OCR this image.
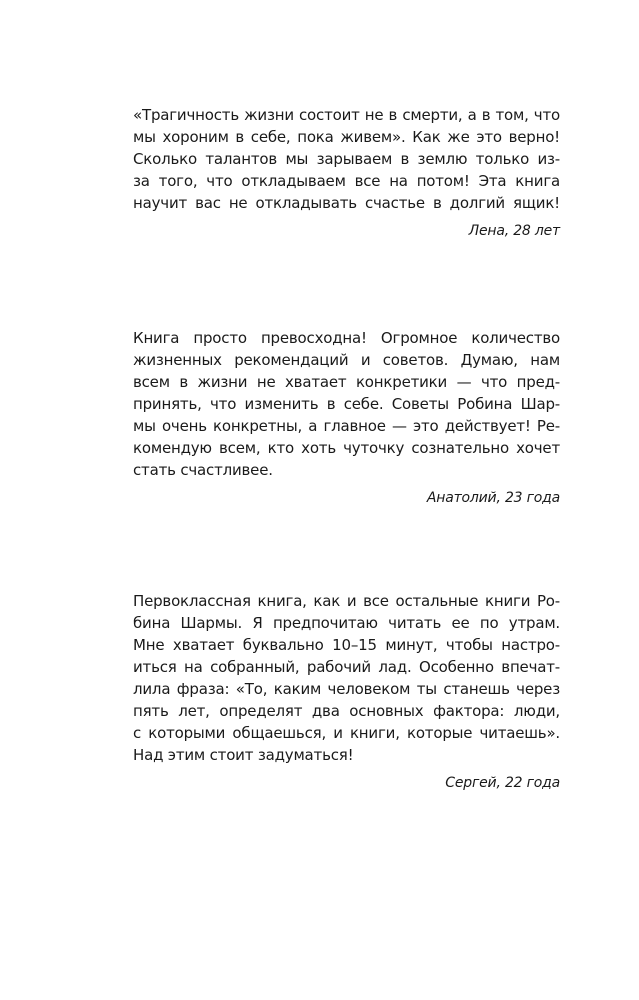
«Трагичность жизни состоит не в смерти, а в том, что
мы хороним в себе, пока живем». Как же это верно!
Сколько талантов мы зарываем в землю только из-
за того, что откладываем все на потом! Эта книга
научит вас не откладывать счастье в долгий ящик!

Лена, 28 лет

Книга просто превосходна! Огромное количество
жизненных рекомендаций и советов. Думаю, нам
всем в жизни не хватает конкретики — что пред-
принять, что изменить в себе. Советы Робина Шар-
мы очень конкретны, а главное — это действует! Ре-
комендую всем, кто хоть чуточку сознательно хочет
стать счастливее.

Анатолий, 23 года

Первоклассная книга, как и все остальные книги Ро-
бина Шармы. Я предпочитаю читать ее по утрам.
Мне хватает буквально 10–15 минут, чтобы настро-
иться на собранный, рабочий лад. Особенно впечат-
лила фраза: «То, каким человеком ты станешь через
пять лет, определят два основных фактора: люди,
с которыми общаешься, и книги, которые читаешь».
Над этим стоит задуматься!

Сергей, 22 года
